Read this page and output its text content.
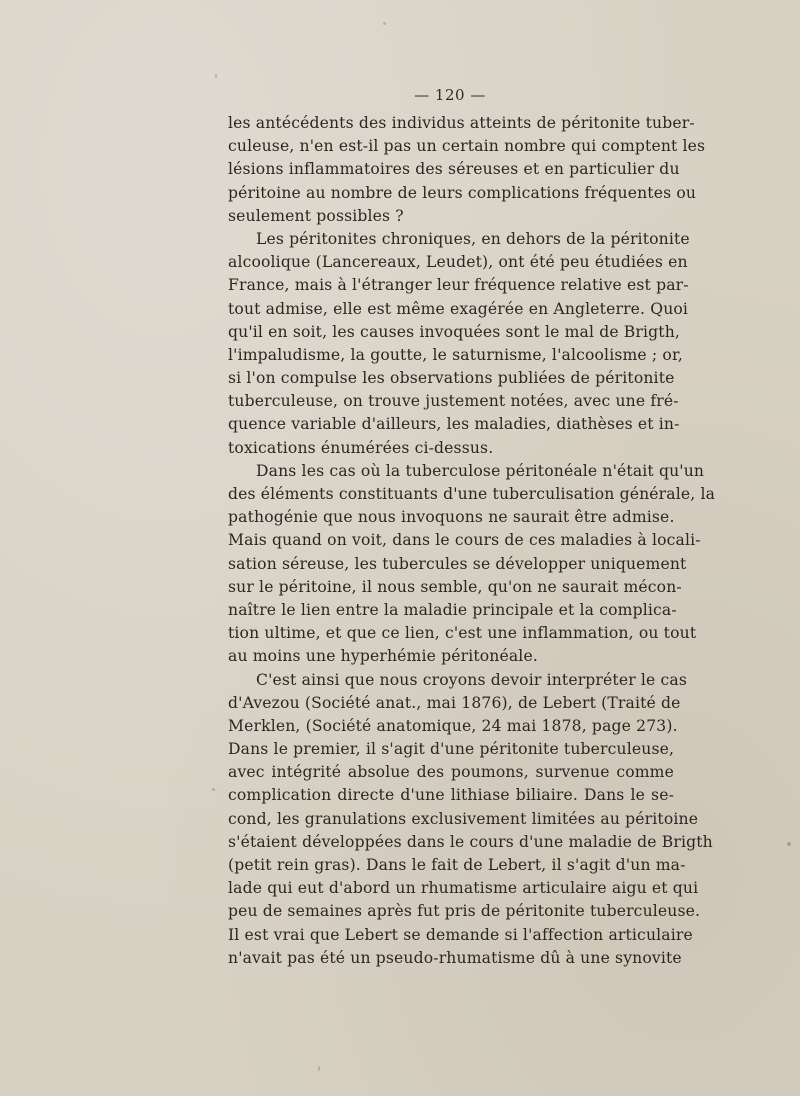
— 120 —
les antécédents des individus atteints de péritonite tuber-
culeuse, n'en est-il pas un certain nombre qui comptent les
lésions inflammatoires des séreuses et en particulier du
péritoine au nombre de leurs complications fréquentes ou
seulement possibles ?
Les péritonites chroniques, en dehors de la péritonite
alcoolique (Lancereaux, Leudet), ont été peu étudiées en
France, mais à l'étranger leur fréquence relative est par-
tout admise, elle est même exagérée en Angleterre. Quoi
qu'il en soit, les causes invoquées sont le mal de Brigth,
l'impaludisme, la goutte, le saturnisme, l'alcoolisme ; or,
si l'on compulse les observations publiées de péritonite
tuberculeuse, on trouve justement notées, avec une fré-
quence variable d'ailleurs, les maladies, diathèses et in-
toxications énumérées ci-dessus.
Dans les cas où la tuberculose péritonéale n'était qu'un
des éléments constituants d'une tuberculisation générale, la
pathogénie que nous invoquons ne saurait être admise.
Mais quand on voit, dans le cours de ces maladies à locali-
sation séreuse, les tubercules se développer uniquement
sur le péritoine, il nous semble, qu'on ne saurait mécon-
naître le lien entre la maladie principale et la complica-
tion ultime, et que ce lien, c'est une inflammation, ou tout
au moins une hyperhémie péritonéale.
C'est ainsi que nous croyons devoir interpréter le cas
d'Avezou (Société anat., mai 1876), de Lebert (Traité de
Merklen, (Société anatomique, 24 mai 1878, page 273).
Dans le premier, il s'agit d'une péritonite tuberculeuse,
avec intégrité absolue des poumons, survenue comme
complication directe d'une lithiase biliaire. Dans le se-
cond, les granulations exclusivement limitées au péritoine
s'étaient développées dans le cours d'une maladie de Brigth
(petit rein gras). Dans le fait de Lebert, il s'agit d'un ma-
lade qui eut d'abord un rhumatisme articulaire aigu et qui
peu de semaines après fut pris de péritonite tuberculeuse.
Il est vrai que Lebert se demande si l'affection articulaire
n'avait pas été un pseudo-rhumatisme dû à une synovite
